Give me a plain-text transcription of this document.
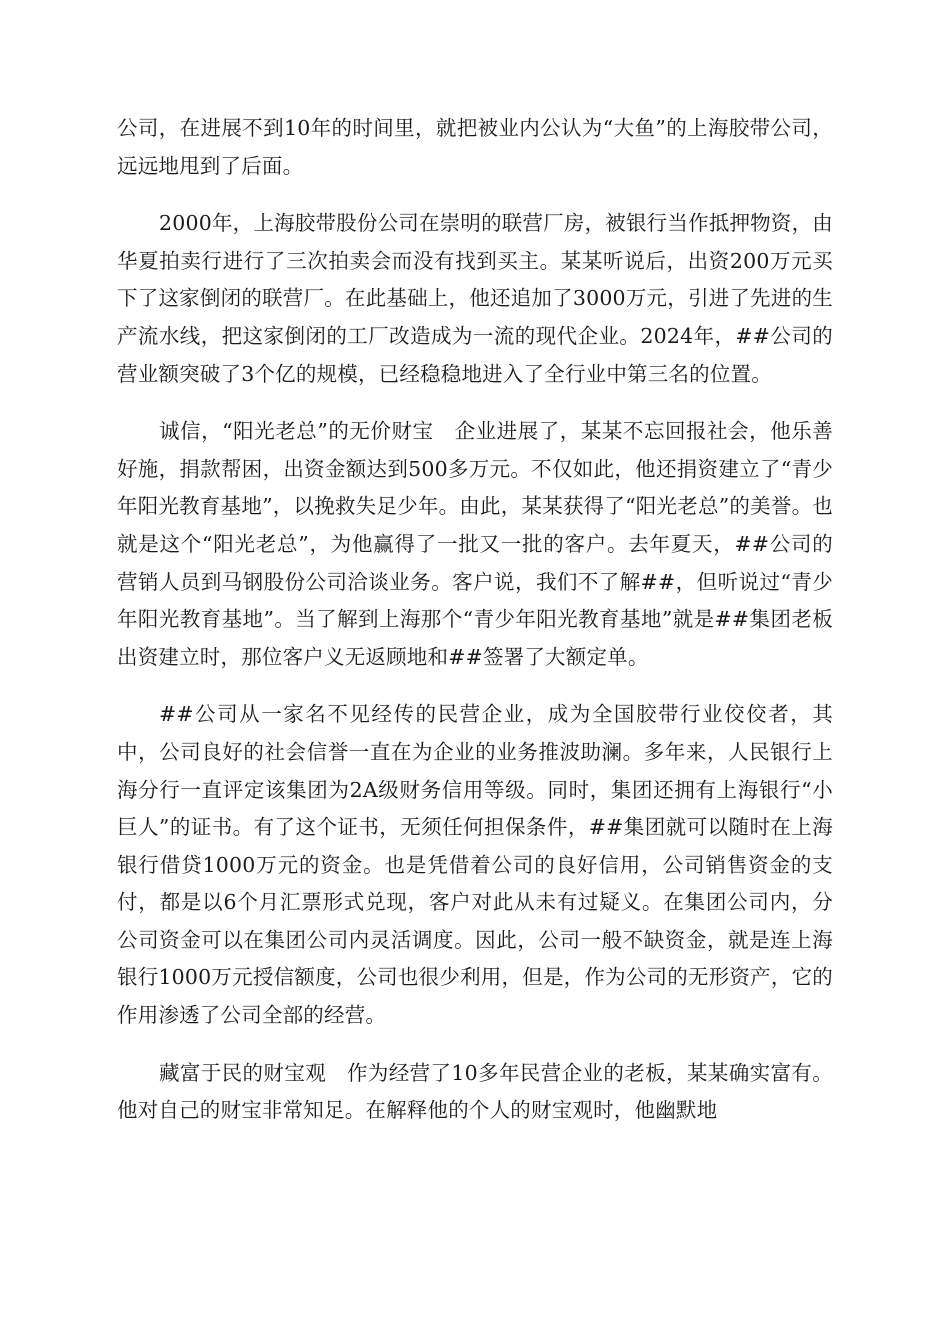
公司，在进展不到10年的时间里，就把被业内公认为“大鱼”的上海胶带公司，远远地甩到了后面。

2000年，上海胶带股份公司在崇明的联营厂房，被银行当作抵押物资，由华夏拍卖行进行了三次拍卖会而没有找到买主。某某听说后，出资200万元买下了这家倒闭的联营厂。在此基础上，他还追加了3000万元，引进了先进的生产流水线，把这家倒闭的工厂改造成为一流的现代企业。2024年，##公司的营业额突破了3个亿的规模，已经稳稳地进入了全行业中第三名的位置。

诚信，“阳光老总”的无价财宝　企业进展了，某某不忘回报社会，他乐善好施，捐款帮困，出资金额达到500多万元。不仅如此，他还捐资建立了“青少年阳光教育基地”，以挽救失足少年。由此，某某获得了“阳光老总”的美誉。也就是这个“阳光老总”，为他赢得了一批又一批的客户。去年夏天，##公司的营销人员到马钢股份公司洽谈业务。客户说，我们不了解##，但听说过“青少年阳光教育基地”。当了解到上海那个“青少年阳光教育基地”就是##集团老板出资建立时，那位客户义无返顾地和##签署了大额定单。

##公司从一家名不见经传的民营企业，成为全国胶带行业佼佼者，其中，公司良好的社会信誉一直在为企业的业务推波助澜。多年来，人民银行上海分行一直评定该集团为2A级财务信用等级。同时，集团还拥有上海银行“小巨人”的证书。有了这个证书，无须任何担保条件，##集团就可以随时在上海银行借贷1000万元的资金。也是凭借着公司的良好信用，公司销售资金的支付，都是以6个月汇票形式兑现，客户对此从未有过疑义。在集团公司内，分公司资金可以在集团公司内灵活调度。因此，公司一般不缺资金，就是连上海银行1000万元授信额度，公司也很少利用，但是，作为公司的无形资产，它的作用渗透了公司全部的经营。

藏富于民的财宝观　作为经营了10多年民营企业的老板，某某确实富有。他对自己的财宝非常知足。在解释他的个人的财宝观时，他幽默地
